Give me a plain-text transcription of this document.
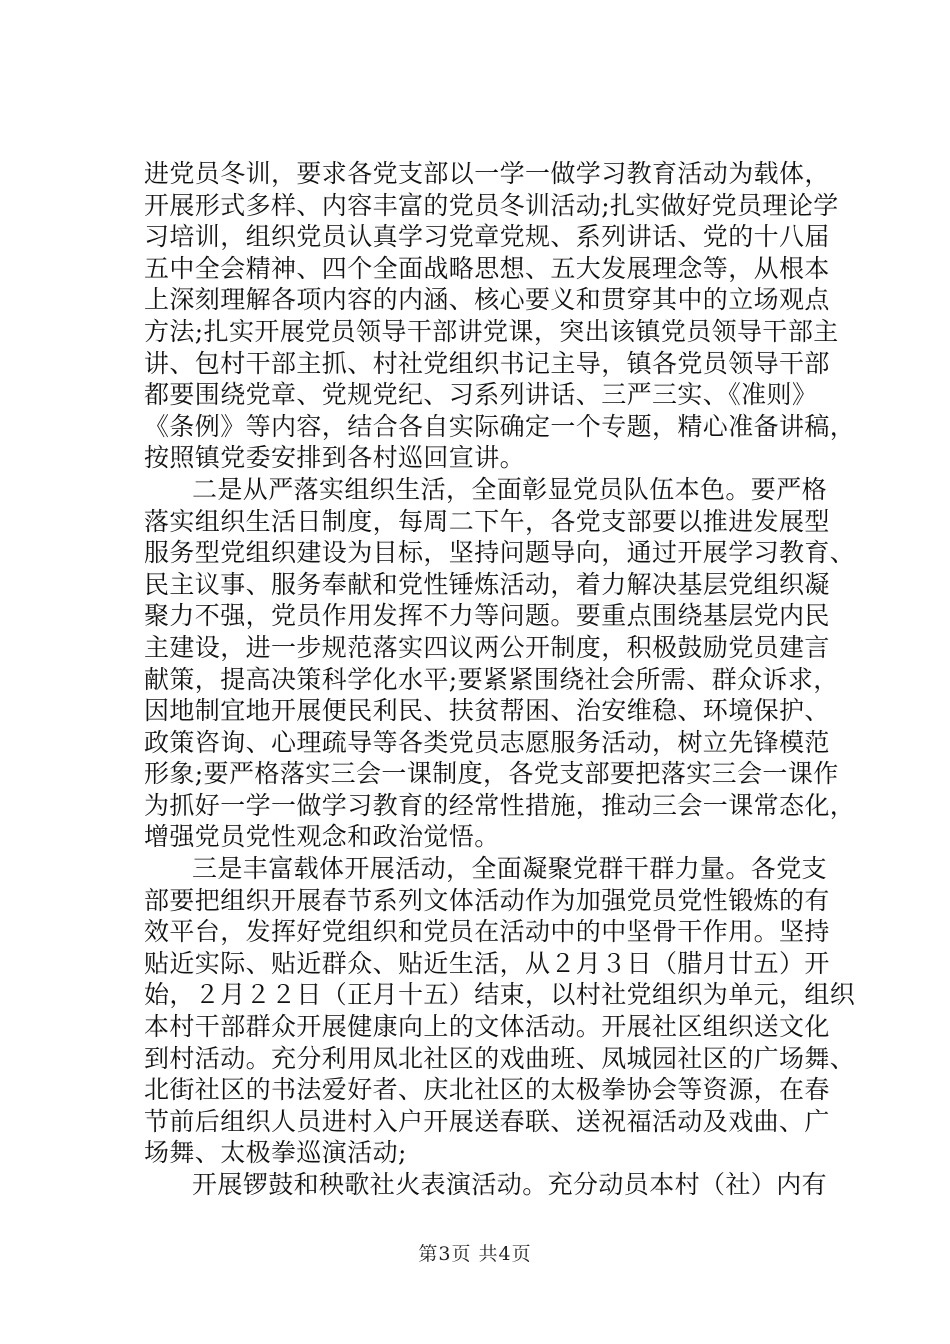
进党员冬训，要求各党支部以一学一做学习教育活动为载体，
开展形式多样、内容丰富的党员冬训活动;扎实做好党员理论学
习培训，组织党员认真学习党章党规、系列讲话、党的十八届
五中全会精神、四个全面战略思想、五大发展理念等，从根本
上深刻理解各项内容的内涵、核心要义和贯穿其中的立场观点
方法;扎实开展党员领导干部讲党课，突出该镇党员领导干部主
讲、包村干部主抓、村社党组织书记主导，镇各党员领导干部
都要围绕党章、党规党纪、习系列讲话、三严三实、《准则》
《条例》等内容，结合各自实际确定一个专题，精心准备讲稿，
按照镇党委安排到各村巡回宣讲。
二是从严落实组织生活，全面彰显党员队伍本色。要严格
落实组织生活日制度，每周二下午，各党支部要以推进发展型
服务型党组织建设为目标，坚持问题导向，通过开展学习教育、
民主议事、服务奉献和党性锤炼活动，着力解决基层党组织凝
聚力不强，党员作用发挥不力等问题。要重点围绕基层党内民
主建设，进一步规范落实四议两公开制度，积极鼓励党员建言
献策，提高决策科学化水平;要紧紧围绕社会所需、群众诉求，
因地制宜地开展便民利民、扶贫帮困、治安维稳、环境保护、
政策咨询、心理疏导等各类党员志愿服务活动，树立先锋模范
形象;要严格落实三会一课制度，各党支部要把落实三会一课作
为抓好一学一做学习教育的经常性措施，推动三会一课常态化，
增强党员党性观念和政治觉悟。
三是丰富载体开展活动，全面凝聚党群干群力量。各党支
部要把组织开展春节系列文体活动作为加强党员党性锻炼的有
效平台，发挥好党组织和党员在活动中的中坚骨干作用。坚持
贴近实际、贴近群众、贴近生活，从２月３日（腊月廿五）开
始，２月２２日（正月十五）结束，以村社党组织为单元，组织
本村干部群众开展健康向上的文体活动。开展社区组织送文化
到村活动。充分利用凤北社区的戏曲班、凤城园社区的广场舞、
北街社区的书法爱好者、庆北社区的太极拳协会等资源，在春
节前后组织人员进村入户开展送春联、送祝福活动及戏曲、广
场舞、太极拳巡演活动;
开展锣鼓和秧歌社火表演活动。充分动员本村（社）内有
第3页 共4页
